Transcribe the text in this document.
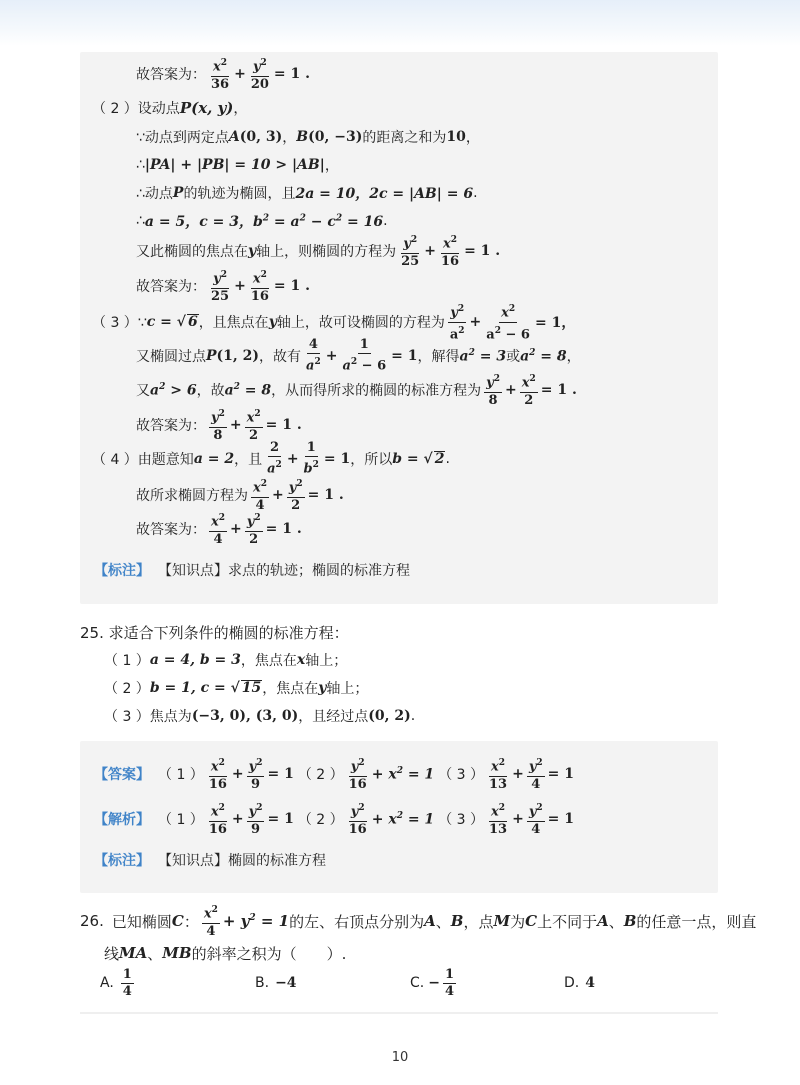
故答案为： $\frac{x^2}{36} + \frac{y^2}{20} = 1$ .
（ 2 ）设动点 P(x, y) ，
∵动点到两定点 A (0, 3) ， B (0, −3) 的距离之和为 10 ，
∴ |PA| + |PB| = 10 > |AB| ，
∴动点 P 的轨迹为椭圆，且 2a = 10，2c = |AB| = 6 .
∴ a = 5，c = 3，$b^2 = a^2 - c^2 = 16$ .
又此椭圆的焦点在 y 轴上，则椭圆的方程为 $\frac{y^2}{25} + \frac{x^2}{16} = 1$ .
故答案为： $\frac{y^2}{25} + \frac{x^2}{16} = 1$ .
（ 3 ）∵ c = √ 6 ，且焦点在 y 轴上，故可设椭圆的方程为 $\frac{y^2}{a^2} + \frac{x^2}{a^2 - 6} = 1$，
又椭圆过点 P (1, 2) ，故有 $\frac{4}{a^2} + \frac{1}{a^2 - 6} = 1$ ，解得 $a^2 = 3$ 或 $a^2 = 8$ ，
又 $a^2 > 6$ ，故 $a^2 = 8$ ，从而得所求的椭圆的标准方程为 $\frac{y^2}{8} + \frac{x^2}{2} = 1$ .
故答案为： $\frac{y^2}{8} + \frac{x^2}{2} = 1$ .
（ 4 ）由题意知 a = 2 ，且 $\frac{2}{a^2} + \frac{1}{b^2} = 1$ ，所以 b = √ 2 .
故所求椭圆方程为 $\frac{x^2}{4} + \frac{y^2}{2} = 1$ .
故答案为： $\frac{x^2}{4} + \frac{y^2}{2} = 1$ .
【标注】 【知识点】求点的轨迹；椭圆的标准方程
25. 求适合下列条件的椭圆的标准方程：
（ 1 ） a = 4, b = 3 ， 焦点在 x 轴上；
（ 2 ） b = 1, c = √ 15 ， 焦点在 y 轴上；
（ 3 ）焦点为 (−3, 0), (3, 0) ，且经过点 (0, 2) .
【答案】 （ 1 ） $\frac{x^2}{16} + \frac{y^2}{9} = 1$ （ 2 ） $\frac{y^2}{16} + x^2 = 1$ （ 3 ） $\frac{x^2}{13} + \frac{y^2}{4} = 1$
【解析】 （ 1 ） $\frac{x^2}{16} + \frac{y^2}{9} = 1$ （ 2 ） $\frac{y^2}{16} + x^2 = 1$ （ 3 ） $\frac{x^2}{13} + \frac{y^2}{4} = 1$
【标注】 【知识点】椭圆的标准方程
26. 已知椭圆 C ： $\frac{x^2}{4} + y^2 = 1$ 的左、右顶点分别为 A 、 B ，点 M 为 C 上不同于 A 、 B 的任意一点，则直
线 MA 、 MB 的斜率之积为（　　）.
A. $\frac{1}{4}$	B. −4	C. − $\frac{1}{4}$	D. 4
10
